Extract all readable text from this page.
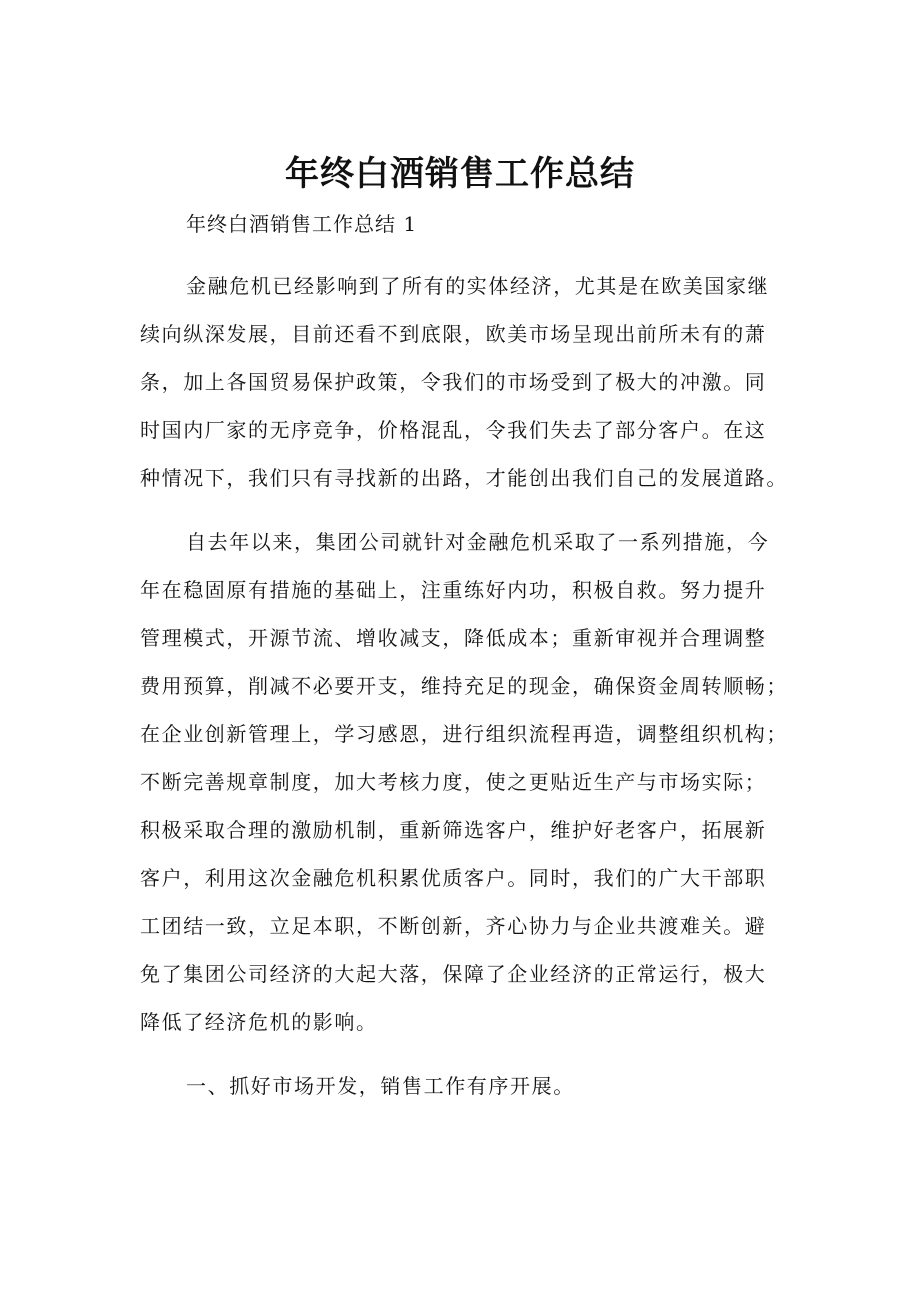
年终白酒销售工作总结
年终白酒销售工作总结 1
金融危机已经影响到了所有的实体经济，尤其是在欧美国家继
续向纵深发展，目前还看不到底限，欧美市场呈现出前所未有的萧
条，加上各国贸易保护政策，令我们的市场受到了极大的冲激。同
时国内厂家的无序竞争，价格混乱，令我们失去了部分客户。在这
种情况下，我们只有寻找新的出路，才能创出我们自己的发展道路。
自去年以来，集团公司就针对金融危机采取了一系列措施，今
年在稳固原有措施的基础上，注重练好内功，积极自救。努力提升
管理模式，开源节流、增收减支，降低成本；重新审视并合理调整
费用预算，削减不必要开支，维持充足的现金，确保资金周转顺畅；
在企业创新管理上，学习感恩，进行组织流程再造，调整组织机构；
不断完善规章制度，加大考核力度，使之更贴近生产与市场实际；
积极采取合理的激励机制，重新筛选客户，维护好老客户，拓展新
客户，利用这次金融危机积累优质客户。同时，我们的广大干部职
工团结一致，立足本职，不断创新，齐心协力与企业共渡难关。避
免了集团公司经济的大起大落，保障了企业经济的正常运行，极大
降低了经济危机的影响。
一、抓好市场开发，销售工作有序开展。
